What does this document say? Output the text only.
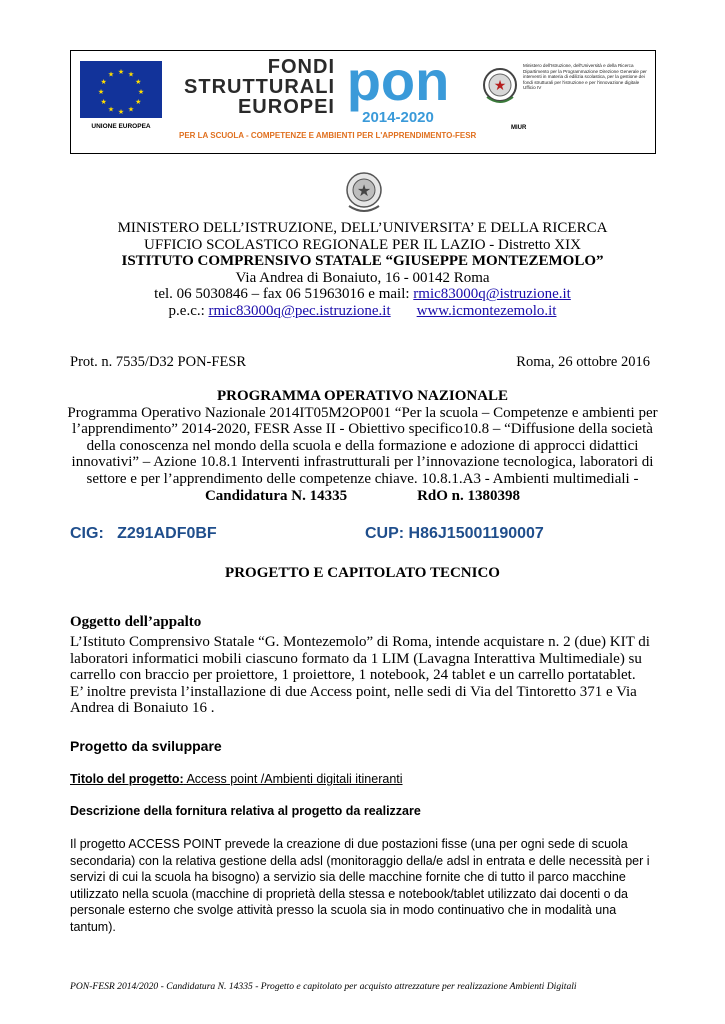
★ ★
★
★
★
★
★
★
★
★
★
★
UNIONE EUROPEA
FONDI
STRUTTURALI
EUROPEI pon
2014-2020
★
Ministero dell'Istruzione, dell'Università e della Ricerca Dipartimento per la Programmazione Direzione Generale per interventi in materia di edilizia scolastica, per la gestione dei fondi strutturali per l'istruzione e per l'innovazione digitale Ufficio IV
MIUR
PER LA SCUOLA - COMPETENZE E AMBIENTI PER L'APPRENDIMENTO-FESR
★
MINISTERO DELL’ISTRUZIONE, DELL’UNIVERSITA’ E DELLA RICERCA
UFFICIO SCOLASTICO REGIONALE PER IL LAZIO - Distretto XIX
ISTITUTO COMPRENSIVO STATALE “GIUSEPPE MONTEZEMOLO”
Via Andrea di Bonaiuto, 16 - 00142 Roma
tel. 06 5030846 – fax 06 51963016 e mail: rmic83000q@istruzione.it
p.e.c.: rmic83000q@pec.istruzione.it www.icmontezemolo.it
Prot. n. 7535/D32 PON-FESR	Roma, 26 ottobre 2016
PROGRAMMA OPERATIVO NAZIONALE
Programma Operativo Nazionale 2014IT05M2OP001 “Per la scuola – Competenze e ambienti per l’apprendimento” 2014-2020, FESR Asse II - Obiettivo specifico10.8 – “Diffusione della società della conoscenza nel mondo della scuola e della formazione e adozione di approcci didattici innovativi” – Azione 10.8.1 Interventi infrastrutturali per l’innovazione tecnologica, laboratori di settore e per l’apprendimento delle competenze chiave. 10.8.1.A3 - Ambienti multimediali -
Candidatura N. 14335	RdO n. 1380398
CIG:   Z291ADF0BF	CUP: H86J15001190007
PROGETTO E CAPITOLATO TECNICO
Oggetto dell’appalto
L’Istituto Comprensivo Statale “G. Montezemolo” di Roma, intende acquistare n. 2 (due) KIT di laboratori informatici mobili ciascuno formato da 1 LIM (Lavagna Interattiva Multimediale) su carrello con braccio per proiettore, 1 proiettore, 1 notebook, 24 tablet e un carrello portatablet. E’ inoltre prevista l’installazione di due Access point, nelle sedi di Via del Tintoretto 371 e Via Andrea di Bonaiuto 16 .
Progetto da sviluppare
Titolo del progetto: Access point /Ambienti digitali itineranti
Descrizione della fornitura relativa al progetto da realizzare
Il progetto ACCESS POINT prevede la creazione di due postazioni fisse (una per ogni sede di scuola secondaria) con la relativa gestione della adsl (monitoraggio della/e adsl in entrata e delle necessità per i servizi di cui la scuola ha bisogno) a servizio sia delle macchine fornite che di tutto il parco macchine utilizzato nella scuola (macchine di proprietà della stessa e notebook/tablet utilizzato dai docenti o da personale esterno che svolge attività presso la scuola sia in modo continuativo che in modalità una tantum).
PON-FESR 2014/2020 - Candidatura N. 14335 - Progetto e capitolato per acquisto attrezzature per realizzazione Ambienti Digitali
